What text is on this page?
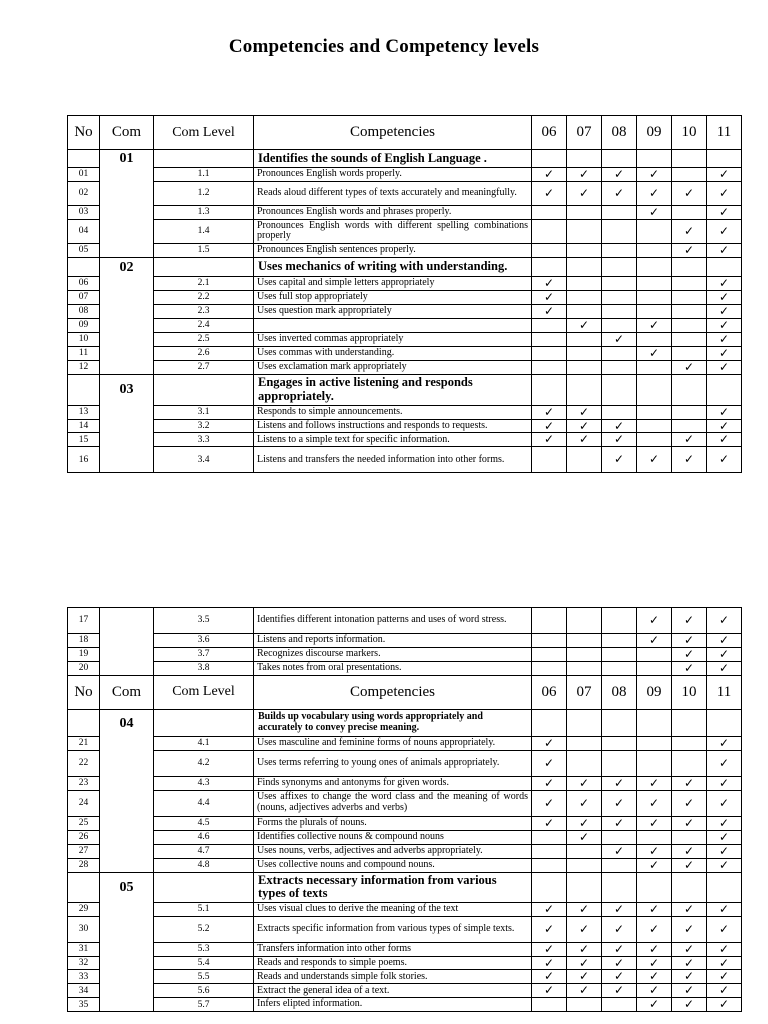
Competencies and Competency levels
No	Com	Com Level	Competencies	06	07	08	09	10	11
	01		Identifies the sounds of English Language .						
01		1.1	Pronounces English words properly.	✓	✓	✓	✓		✓
02		1.2	Reads aloud different types of texts accurately and meaningfully.	✓	✓	✓	✓	✓	✓
03		1.3	Pronounces English words and phrases properly.				✓		✓
04		1.4	Pronounces English words with different spelling combinations properly					✓	✓
05		1.5	Pronounces English sentences properly.					✓	✓
	02		Uses mechanics of writing with understanding.						
06		2.1	Uses capital and simple letters appropriately	✓					✓
07		2.2	Uses full stop appropriately	✓					✓
08		2.3	Uses question mark appropriately	✓					✓
09		2.4			✓		✓		✓
10		2.5	Uses inverted commas appropriately			✓			✓
11		2.6	Uses commas with understanding.				✓		✓
12		2.7	Uses exclamation mark appropriately					✓	✓
	03		Engages in active listening and responds appropriately.						
13		3.1	Responds to simple announcements.	✓	✓				✓
14		3.2	Listens and follows instructions and responds to requests.	✓	✓	✓			✓
15		3.3	Listens to a simple text for specific information.	✓	✓	✓		✓	✓
16		3.4	Listens and transfers the needed information into other forms.			✓	✓	✓	✓
17		3.5	Identifies different intonation patterns and uses of word stress.				✓	✓	✓
18		3.6	Listens and reports information.				✓	✓	✓
19		3.7	Recognizes discourse markers.					✓	✓
20		3.8	Takes notes from oral presentations.					✓	✓
No	Com	Com Level	Competencies	06	07	08	09	10	11
	04		Builds up vocabulary using words appropriately and accurately to convey precise meaning.						
21		4.1	Uses masculine and feminine forms of nouns appropriately.	✓					✓
22		4.2	Uses terms referring to young ones of animals appropriately.	✓					✓
23		4.3	Finds synonyms and antonyms for given words.	✓	✓	✓	✓	✓	✓
24		4.4	Uses affixes to change the word class and the meaning of words (nouns, adjectives adverbs and verbs)	✓	✓	✓	✓	✓	✓
25		4.5	Forms the plurals of nouns.	✓	✓	✓	✓	✓	✓
26		4.6	Identifies collective nouns & compound nouns		✓				✓
27		4.7	Uses nouns, verbs, adjectives and adverbs appropriately.			✓	✓	✓	✓
28		4.8	Uses collective nouns and compound nouns.				✓	✓	✓
	05		Extracts necessary information from various types of texts						
29		5.1	Uses visual clues to derive the meaning of the text	✓	✓	✓	✓	✓	✓
30		5.2	Extracts specific information from various types of simple texts.	✓	✓	✓	✓	✓	✓
31		5.3	Transfers information into other forms	✓	✓	✓	✓	✓	✓
32		5.4	Reads and responds to simple poems.	✓	✓	✓	✓	✓	✓
33		5.5	Reads and understands simple folk stories.	✓	✓	✓	✓	✓	✓
34		5.6	Extract the general idea of a text.	✓	✓	✓	✓	✓	✓
35		5.7	Infers elipted information.				✓	✓	✓
